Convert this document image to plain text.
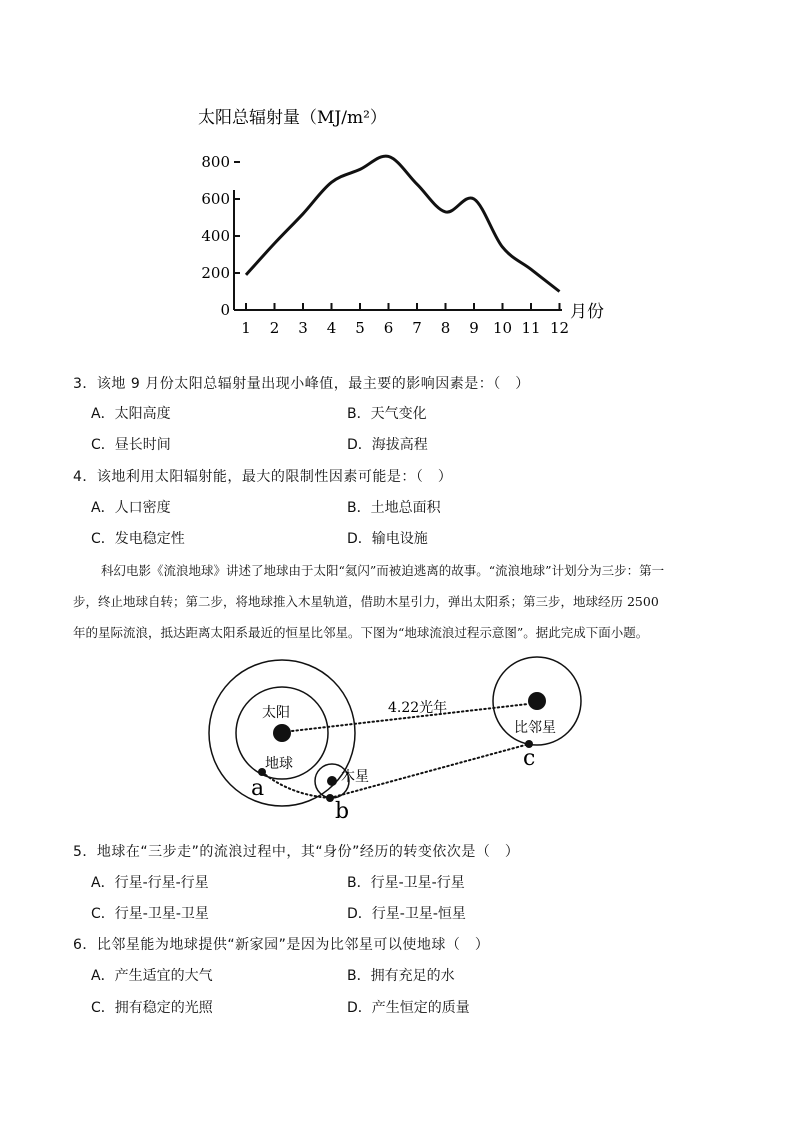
太阳总辐射量（MJ/m²）
0
200
400
600
800
1 2 3 4 5 6 7 8 9 10 11 12
月份
3．该地 9 月份太阳总辐射量出现小峰值，最主要的影响因素是：（　）
A．太阳高度	B．天气变化
C．昼长时间	D．海拔高程
4．该地利用太阳辐射能，最大的限制性因素可能是：（　）
A．人口密度	B．土地总面积
C．发电稳定性	D．输电设施
科幻电影《流浪地球》讲述了地球由于太阳“氦闪”而被迫逃离的故事。“流浪地球”计划分为三步：第一
步，终止地球自转；第二步，将地球推入木星轨道，借助木星引力，弹出太阳系；第三步，地球经历 2500
年的星际流浪，抵达距离太阳系最近的恒星比邻星。下图为“地球流浪过程示意图”。据此完成下面小题。
太阳
地球
木星
比邻星
4.22光年
a
b
c
5．地球在“三步走”的流浪过程中，其“身份”经历的转变依次是（　）
A．行星-行星-行星	B．行星-卫星-行星
C．行星-卫星-卫星	D．行星-卫星-恒星
6．比邻星能为地球提供“新家园”是因为比邻星可以使地球（　）
A．产生适宜的大气	B．拥有充足的水
C．拥有稳定的光照	D．产生恒定的质量
